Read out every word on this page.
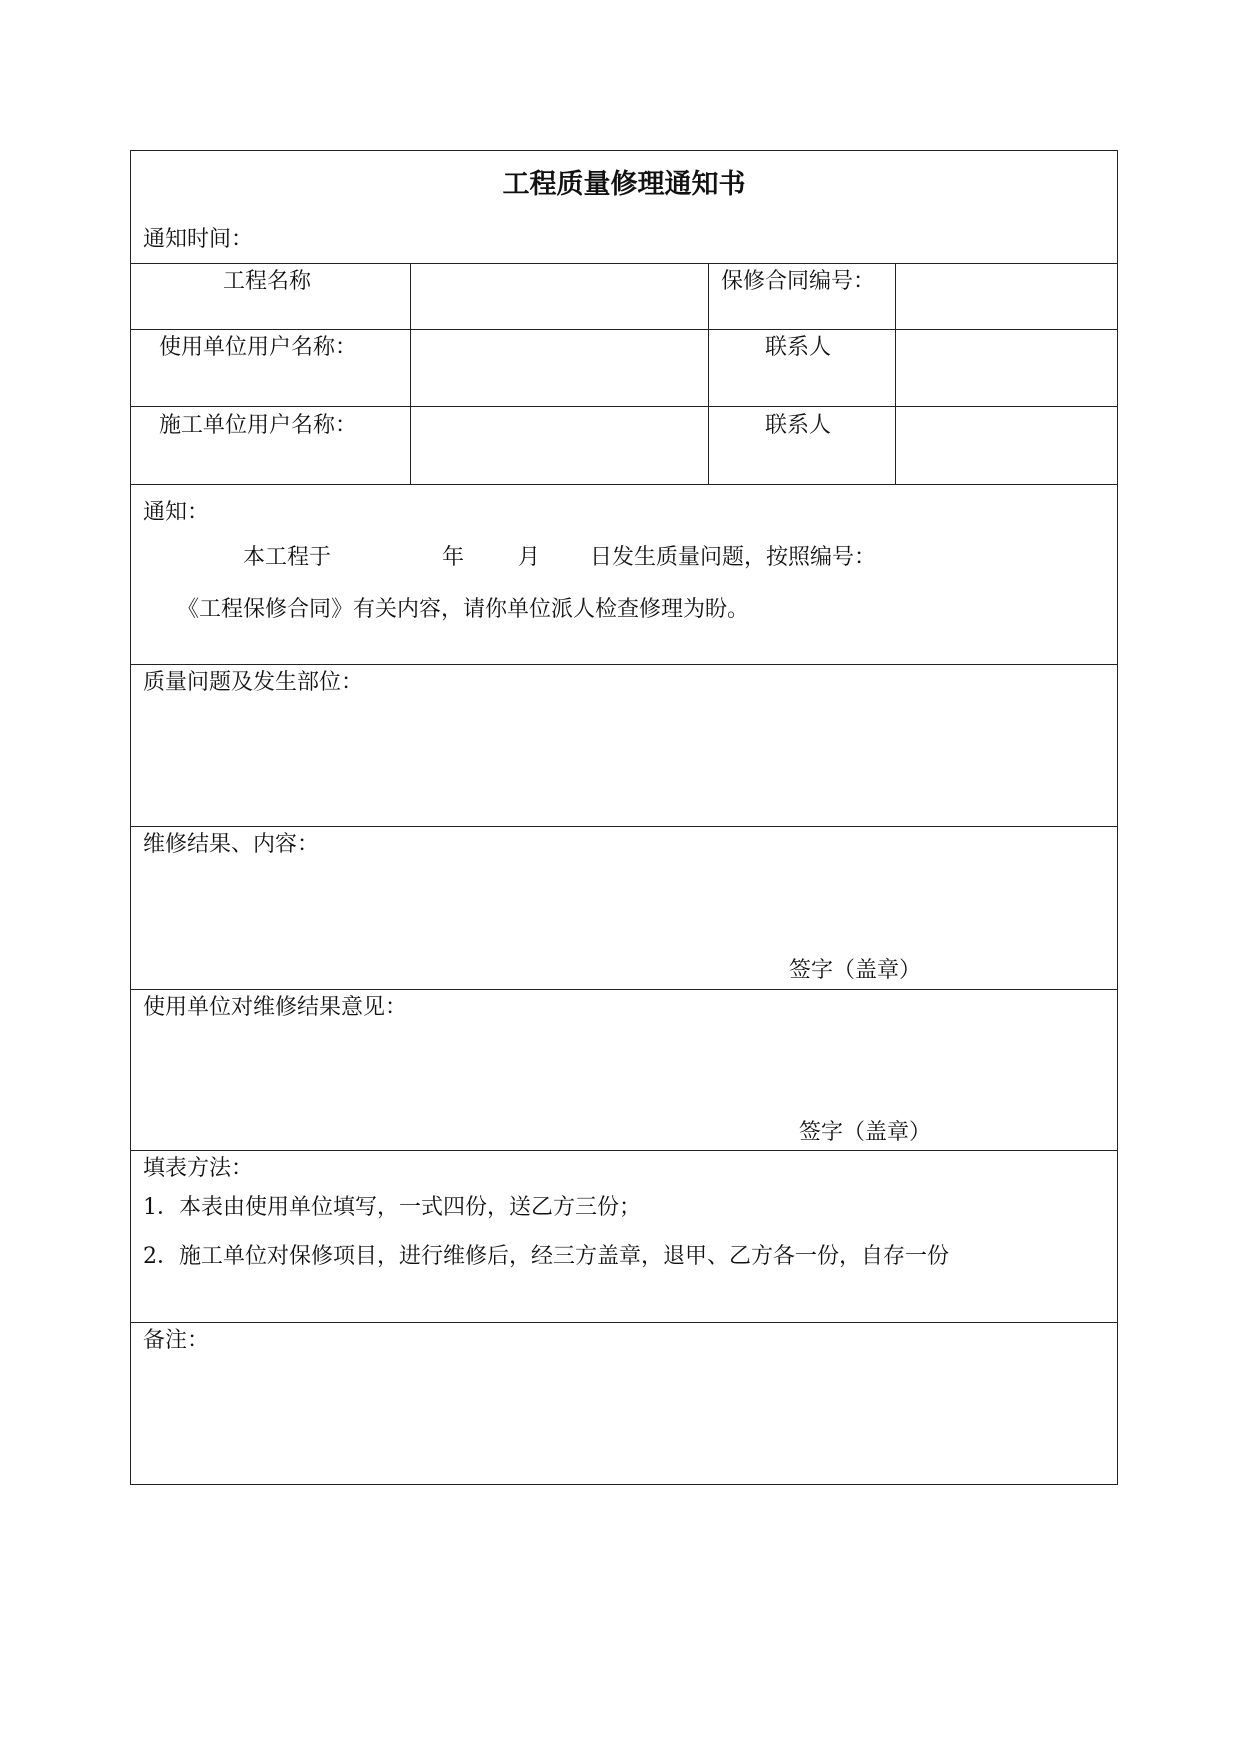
工程质量修理通知书
通知时间：
工程名称	保修合同编号：
使用单位用户名称：	联系人
施工单位用户名称：	联系人
通知：
本工程于	年 月 日发生质量问题，按照编号：
《工程保修合同》有关内容，请你单位派人检查修理为盼。
质量问题及发生部位：
维修结果、内容：
签字（盖章）
使用单位对维修结果意见：
签字（盖章）
填表方法：
1．本表由使用单位填写，一式四份，送乙方三份；
2．施工单位对保修项目，进行维修后，经三方盖章，退甲、乙方各一份，自存一份
备注：
